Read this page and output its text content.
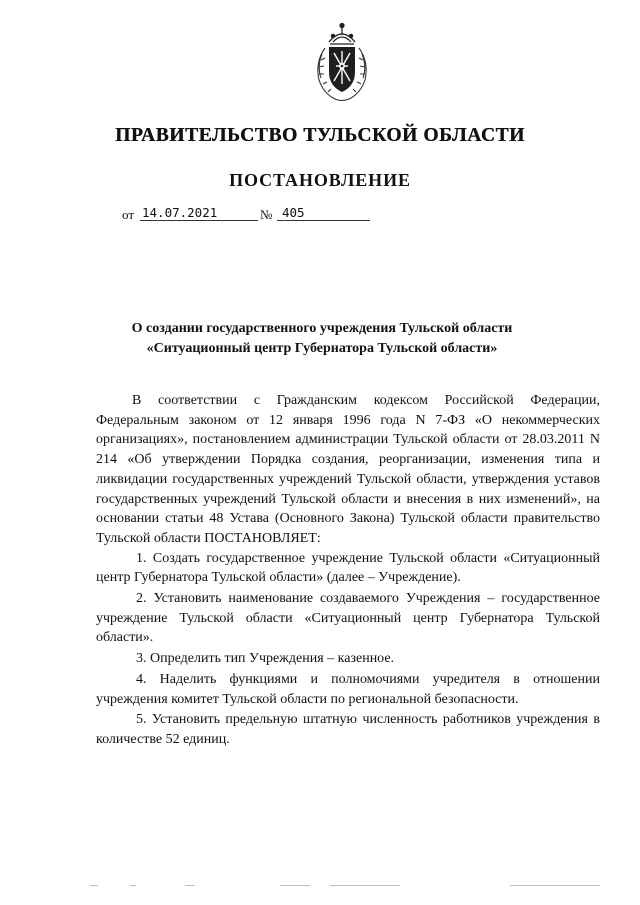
ПРАВИТЕЛЬСТВО ТУЛЬСКОЙ ОБЛАСТИ
ПОСТАНОВЛЕНИЕ
от 14.07.2021	№ 405
О создании государственного учреждения Тульской области
«Ситуационный центр Губернатора Тульской области»

В соответствии с Гражданским кодексом Российской Федерации, Федеральным законом от 12 января 1996 года N 7-ФЗ «О некоммерческих организациях», постановлением администрации Тульской области от 28.03.2011 N 214 «Об утверждении Порядка создания, реорганизации, изменения типа и ликвидации государственных учреждений Тульской области, утверждения уставов государственных учреждений Тульской области и внесения в них изменений», на основании статьи 48 Устава (Основного Закона) Тульской области правительство Тульской области ПОСТАНОВЛЯЕТ:

1. Создать государственное учреждение Тульской области «Ситуационный центр Губернатора Тульской области» (далее – Учреждение).

2. Установить наименование создаваемого Учреждения – государственное учреждение Тульской области «Ситуационный центр Губернатора Тульской области».

3. Определить тип Учреждения – казенное.

4. Наделить функциями и полномочиями учредителя в отношении учреждения комитет Тульской области по региональной безопасности.

5. Установить предельную штатную численность работников учреждения в количестве 52 единиц.
